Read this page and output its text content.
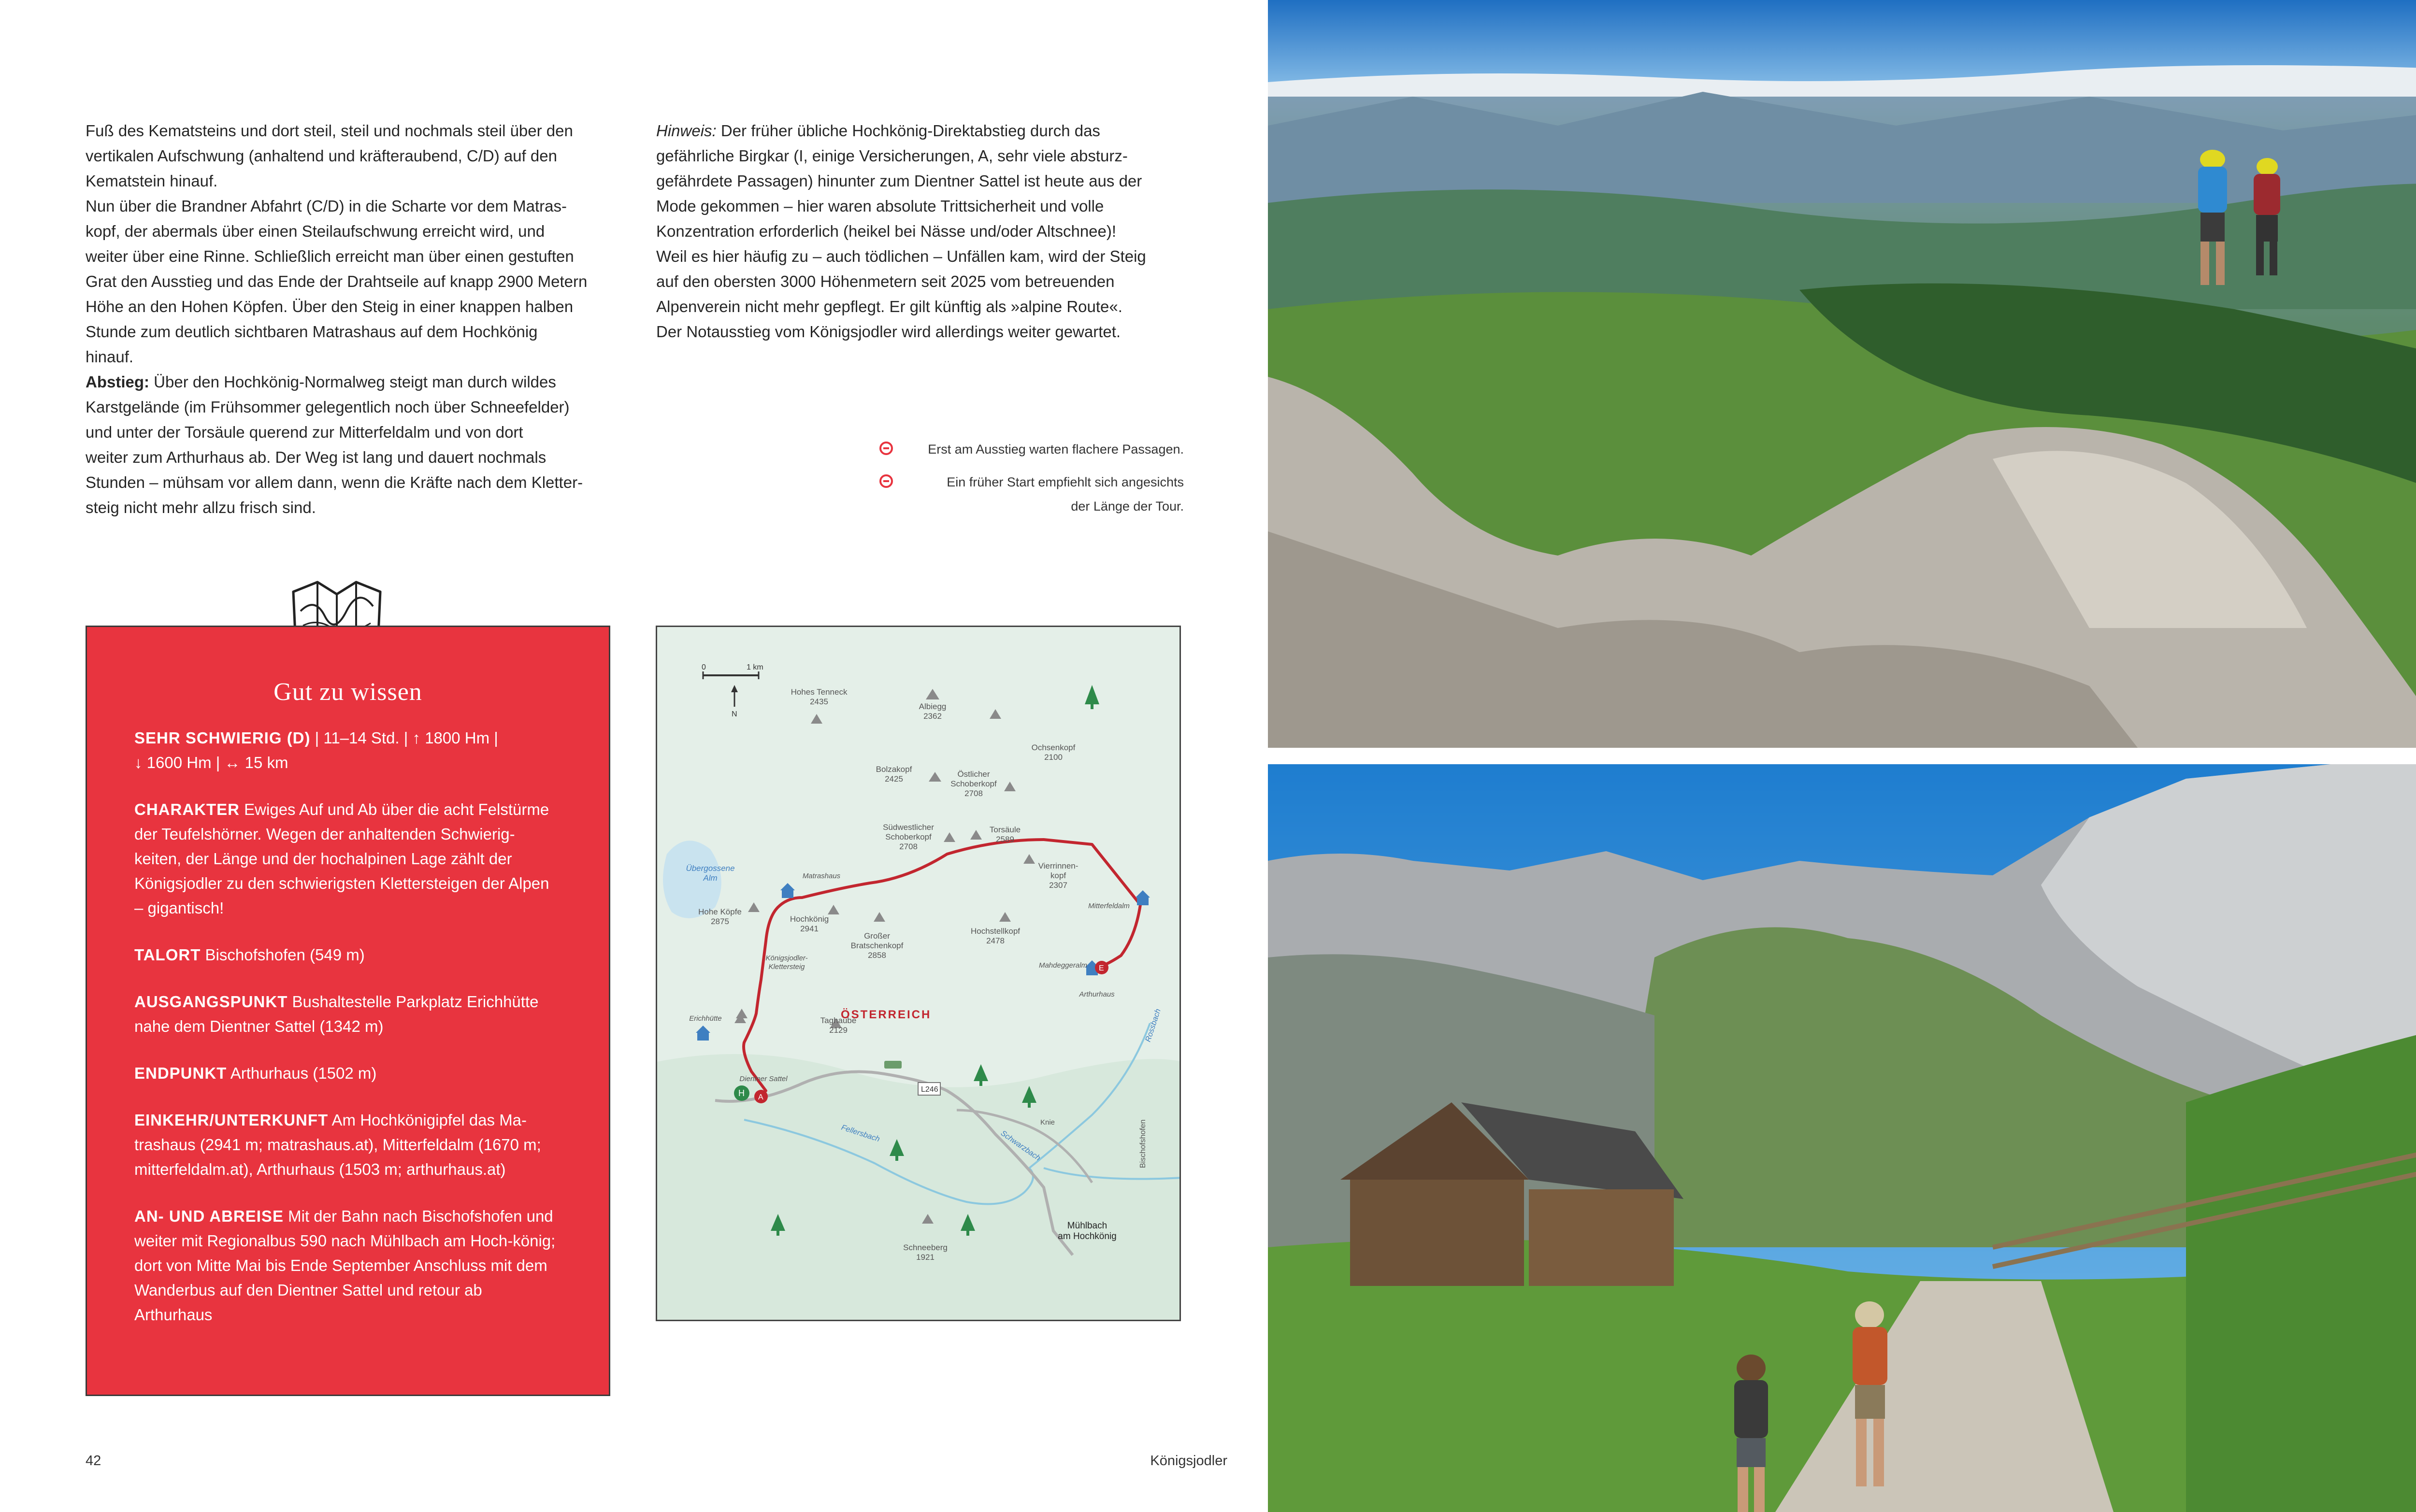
Fuß des Kematsteins und dort steil, steil und nochmals steil über den

vertikalen Aufschwung (anhaltend und kräfteraubend, C/D) auf den

Kematstein hinauf.

Nun über die Brandner Abfahrt (C/D) in die Scharte vor dem Matras-

kopf, der abermals über einen Steilaufschwung erreicht wird, und

weiter über eine Rinne. Schließlich erreicht man über einen gestuften

Grat den Ausstieg und das Ende der Drahtseile auf knapp 2900 Metern

Höhe an den Hohen Köpfen. Über den Steig in einer knappen halben

Stunde zum deutlich sichtbaren Matrashaus auf dem Hochkönig

hinauf.

Abstieg: Über den Hochkönig-Normalweg steigt man durch wildes

Karstgelände (im Frühsommer gelegentlich noch über Schneefelder)

und unter der Torsäule querend zur Mitterfeldalm und von dort

weiter zum Arthurhaus ab. Der Weg ist lang und dauert nochmals

Stunden – mühsam vor allem dann, wenn die Kräfte nach dem Kletter-

steig nicht mehr allzu frisch sind.

Hinweis: Der früher übliche Hochkönig-Direktabstieg durch das

gefährliche Birgkar (I, einige Versicherungen, A, sehr viele absturz-

gefährdete Passagen) hinunter zum Dientner Sattel ist heute aus der

Mode gekommen – hier waren absolute Trittsicherheit und volle

Konzentration erforderlich (heikel bei Nässe und/oder Altschnee)!

Weil es hier häufig zu – auch tödlichen – Unfällen kam, wird der Steig

auf den obersten 3000 Höhenmetern seit 2025 vom betreuenden

Alpenverein nicht mehr gepflegt. Er gilt künftig als »alpine Route«.

Der Notausstieg vom Königsjodler wird allerdings weiter gewartet.

Erst am Ausstieg warten flachere Passagen.
Ein früher Start empfiehlt sich angesichts
der Länge der Tour.
Gut zu wissen
SEHR SCHWIERIG (D) | 11–14 Std. | ↑ 1800 Hm |
↓ 1600 Hm | ↔ 15 km
CHARAKTER Ewiges Auf und Ab über die acht Felstürme der Teufelshörner. Wegen der anhaltenden Schwierig-keiten, der Länge und der hochalpinen Lage zählt der Königsjodler zu den schwierigsten Klettersteigen der Alpen – gigantisch!
TALORT Bischofshofen (549 m)
AUSGANGSPUNKT Bushaltestelle Parkplatz Erichhütte nahe dem Dientner Sattel (1342 m)
ENDPUNKT Arthurhaus (1502 m)
EINKEHR/UNTERKUNFT Am Hochkönigipfel das Ma-trashaus (2941 m; matrashaus.at), Mitterfeldalm (1670 m; mitterfeldalm.at), Arthurhaus (1503 m; arthurhaus.at)
AN- UND ABREISE Mit der Bahn nach Bischofshofen und weiter mit Regionalbus 590 nach Mühlbach am Hoch-könig; dort von Mitte Mai bis Ende September Anschluss mit dem Wanderbus auf den Dientner Sattel und retour ab Arthurhaus
0	1 km
N
E
H A
L246
Hohes Tenneck
2435
Albiegg
2362
Ochsenkopf
2100
Bolzakopf
2425
Östlicher
Schoberkopf
2708
Südwestlicher
Schoberkopf
2708
Torsäule
2589
Übergossene
Alm	Matrashaus
Vierrinnen-
kopf
2307
Mitterfeldalm
Hohe Köpfe
2875	Hochkönig
2941
Großer
Bratschenkopf
2858
Hochstellkopf
2478
Königsjodler-
Klettersteig	Mahdeggeralm
Arthurhaus
Erichhütte	Taghaube
2129
Dientner Sattel
Schneeberg
1921
Knie
Mühlbach
am Hochkönig
ÖSTERREICH	Rossbach
Fellersbach	Schwarzbach	Bischofshofen
42	Königsjodler
